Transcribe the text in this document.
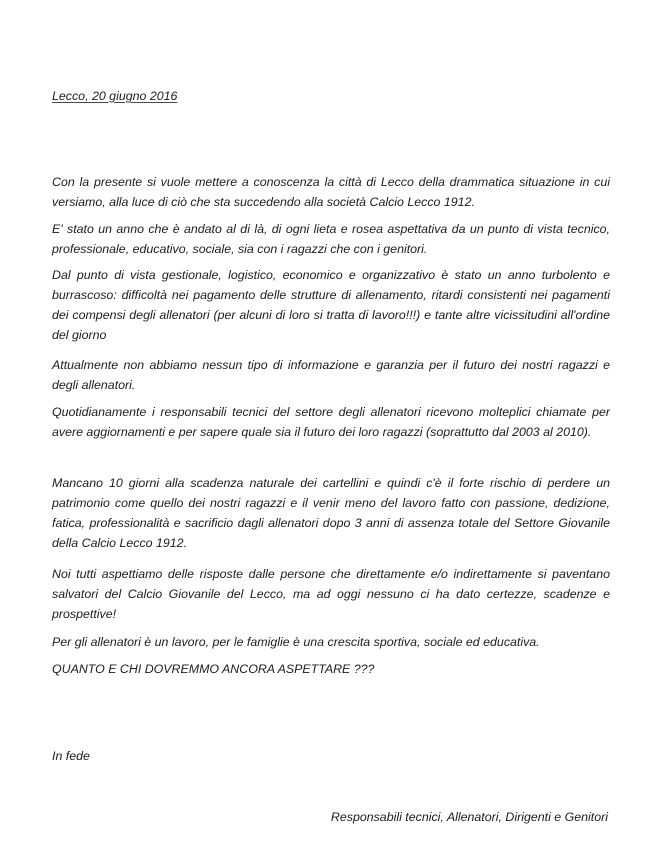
Lecco, 20 giugno 2016

Con la presente si vuole mettere a conoscenza la città di Lecco della drammatica situazione in cui versiamo, alla luce di ciò che sta succedendo alla società Calcio Lecco 1912.

E' stato un anno che è andato al di là, di ogni lieta e rosea aspettativa da un punto di vista tecnico, professionale, educativo, sociale, sia con i ragazzi che con i genitori.

Dal punto di vista gestionale, logistico, economico e organizzativo è stato un anno turbolento e burrascoso: difficoltà nei pagamento delle strutture di allenamento, ritardi consistenti nei pagamenti dei compensi degli allenatori (per alcuni di loro si tratta di lavoro!!!) e tante altre vicissitudini all'ordine del giorno

Attualmente non abbiamo nessun tipo di informazione e garanzia per il futuro dei nostri ragazzi e degli allenatori.

Quotidianamente i responsabili tecnici del settore degli allenatori ricevono molteplici chiamate per avere aggiornamenti e per sapere quale sia il futuro dei loro ragazzi (soprattutto dal 2003 al 2010).

Mancano 10 giorni alla scadenza naturale dei cartellini e quindi c'è il forte rischio di perdere un patrimonio come quello dei nostri ragazzi e il venir meno del lavoro fatto con passione, dedizione, fatica, professionalità e sacrificio dagli allenatori dopo 3 anni di assenza totale del Settore Giovanile della Calcio Lecco 1912.

Noi tutti aspettiamo delle risposte dalle persone che direttamente e/o indirettamente si paventano salvatori del Calcio Giovanile del Lecco, ma ad oggi nessuno ci ha dato certezze, scadenze e prospettive!

Per gli allenatori è un lavoro, per le famiglie è una crescita sportiva, sociale ed educativa.

QUANTO E CHI DOVREMMO ANCORA ASPETTARE ???

In fede

Responsabili tecnici, Allenatori, Dirigenti e Genitori
